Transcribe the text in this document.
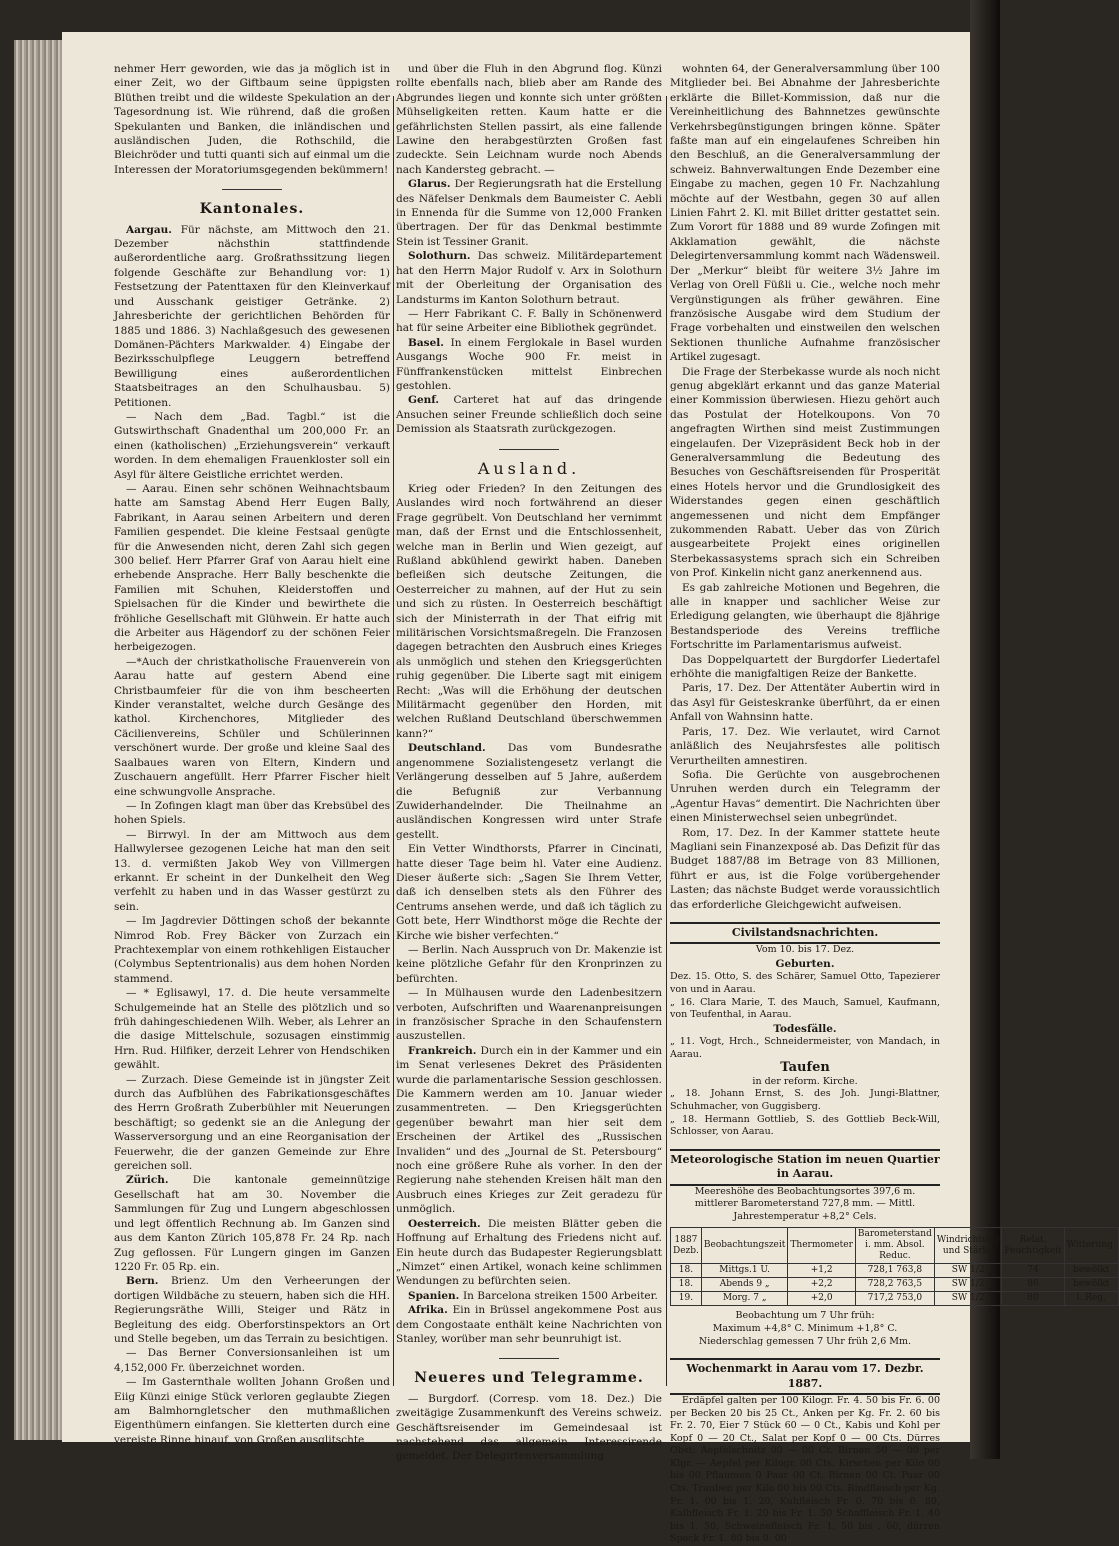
nehmer Herr geworden, wie das ja möglich ist in einer Zeit, wo der Giftbaum seine üppigsten Blüthen treibt und die wildeste Spekulation an der Tagesordnung ist. Wie rührend, daß die großen Spekulanten und Banken, die inländischen und ausländischen Juden, die Rothschild, die Bleichröder und tutti quanti sich auf einmal um die Interessen der Moratoriumsgegenden bekümmern!

Kantonales.

Aargau. Für nächste, am Mittwoch den 21. Dezember nächsthin stattfindende außerordentliche aarg. Großrathssitzung liegen folgende Geschäfte zur Behandlung vor: 1) Festsetzung der Patenttaxen für den Kleinverkauf und Ausschank geistiger Getränke. 2) Jahresberichte der gerichtlichen Behörden für 1885 und 1886. 3) Nachlaßgesuch des gewesenen Domänen-Pächters Markwalder. 4) Eingabe der Bezirksschulpflege Leuggern betreffend Bewilligung eines außerordentlichen Staatsbeitrages an den Schulhausbau. 5) Petitionen.

— Nach dem „Bad. Tagbl.“ ist die Gutswirthschaft Gnadenthal um 200,000 Fr. an einen (katholischen) „Erziehungsverein“ verkauft worden. In dem ehemaligen Frauenkloster soll ein Asyl für ältere Geistliche errichtet werden.

— Aarau. Einen sehr schönen Weihnachtsbaum hatte am Samstag Abend Herr Eugen Bally, Fabrikant, in Aarau seinen Arbeitern und deren Familien gespendet. Die kleine Festsaal genügte für die Anwesenden nicht, deren Zahl sich gegen 300 belief. Herr Pfarrer Graf von Aarau hielt eine erhebende Ansprache. Herr Bally beschenkte die Familien mit Schuhen, Kleiderstoffen und Spielsachen für die Kinder und bewirthete die fröhliche Gesellschaft mit Glühwein. Er hatte auch die Arbeiter aus Hägendorf zu der schönen Feier herbeigezogen.

—*Auch der christkatholische Frauenverein von Aarau hatte auf gestern Abend eine Christbaumfeier für die von ihm bescheerten Kinder veranstaltet, welche durch Gesänge des kathol. Kirchenchores, Mitglieder des Cäcilienvereins, Schüler und Schülerinnen verschönert wurde. Der große und kleine Saal des Saalbaues waren von Eltern, Kindern und Zuschauern angefüllt. Herr Pfarrer Fischer hielt eine schwungvolle Ansprache.

— In Zofingen klagt man über das Krebsübel des hohen Spiels.

— Birrwyl. In der am Mittwoch aus dem Hallwylersee gezogenen Leiche hat man den seit 13. d. vermißten Jakob Wey von Villmergen erkannt. Er scheint in der Dunkelheit den Weg verfehlt zu haben und in das Wasser gestürzt zu sein.

— Im Jagdrevier Döttingen schoß der bekannte Nimrod Rob. Frey Bäcker von Zurzach ein Prachtexemplar von einem rothkehligen Eistaucher (Colymbus Septentrionalis) aus dem hohen Norden stammend.

— * Eglisawyl, 17. d. Die heute versammelte Schulgemeinde hat an Stelle des plötzlich und so früh dahingeschiedenen Wilh. Weber, als Lehrer an die dasige Mittelschule, sozusagen einstimmig Hrn. Rud. Hilfiker, derzeit Lehrer von Hendschiken gewählt.

— Zurzach. Diese Gemeinde ist in jüngster Zeit durch das Aufblühen des Fabrikationsgeschäftes des Herrn Großrath Zuberbühler mit Neuerungen beschäftigt; so gedenkt sie an die Anlegung der Wasserversorgung und an eine Reorganisation der Feuerwehr, die der ganzen Gemeinde zur Ehre gereichen soll.

Zürich. Die kantonale gemeinnützige Gesellschaft hat am 30. November die Sammlungen für Zug und Lungern abgeschlossen und legt öffentlich Rechnung ab. Im Ganzen sind aus dem Kanton Zürich 105,878 Fr. 24 Rp. nach Zug geflossen. Für Lungern gingen im Ganzen 1220 Fr. 05 Rp. ein.

Bern. Brienz. Um den Verheerungen der dortigen Wildbäche zu steuern, haben sich die HH. Regierungsräthe Willi, Steiger und Rätz in Begleitung des eidg. Oberforstinspektors an Ort und Stelle begeben, um das Terrain zu besichtigen.

— Das Berner Conversionsanleihen ist um 4,152,000 Fr. überzeichnet worden.

— Im Gasternthale wollten Johann Großen und Eiig Künzi einige Stück verloren geglaubte Ziegen am Balmhorngletscher den muthmaßlichen Eigenthümern einfangen. Sie kletterten durch eine vereiste Rinne hinauf, von Großen ausglitschte

und über die Fluh in den Abgrund flog. Künzi rollte ebenfalls nach, blieb aber am Rande des Abgrundes liegen und konnte sich unter größten Mühseligkeiten retten. Kaum hatte er die gefährlichsten Stellen passirt, als eine fallende Lawine den herabgestürzten Großen fast zudeckte. Sein Leichnam wurde noch Abends nach Kandersteg gebracht. —

Glarus. Der Regierungsrath hat die Erstellung des Näfelser Denkmals dem Baumeister C. Aebli in Ennenda für die Summe von 12,000 Franken übertragen. Der für das Denkmal bestimmte Stein ist Tessiner Granit.

Solothurn. Das schweiz. Militärdepartement hat den Herrn Major Rudolf v. Arx in Solothurn mit der Oberleitung der Organisation des Landsturms im Kanton Solothurn betraut.

— Herr Fabrikant C. F. Bally in Schönenwerd hat für seine Arbeiter eine Bibliothek gegründet.

Basel. In einem Ferglokale in Basel wurden Ausgangs Woche 900 Fr. meist in Fünffrankenstücken mittelst Einbrechen gestohlen.

Genf. Carteret hat auf das dringende Ansuchen seiner Freunde schließlich doch seine Demission als Staatsrath zurückgezogen.

Ausland.

Krieg oder Frieden? In den Zeitungen des Auslandes wird noch fortwährend an dieser Frage gegrübelt. Von Deutschland her vernimmt man, daß der Ernst und die Entschlossenheit, welche man in Berlin und Wien gezeigt, auf Rußland abkühlend gewirkt haben. Daneben befleißen sich deutsche Zeitungen, die Oesterreicher zu mahnen, auf der Hut zu sein und sich zu rüsten. In Oesterreich beschäftigt sich der Ministerrath in der That eifrig mit militärischen Vorsichtsmaßregeln. Die Franzosen dagegen betrachten den Ausbruch eines Krieges als unmöglich und stehen den Kriegsgerüchten ruhig gegenüber. Die Liberte sagt mit einigem Recht: „Was will die Erhöhung der deutschen Militärmacht gegenüber den Horden, mit welchen Rußland Deutschland überschwemmen kann?“

Deutschland. Das vom Bundesrathe angenommene Sozialistengesetz verlangt die Verlängerung desselben auf 5 Jahre, außerdem die Befugniß zur Verbannung Zuwiderhandelnder. Die Theilnahme an ausländischen Kongressen wird unter Strafe gestellt.

Ein Vetter Windthorsts, Pfarrer in Cincinati, hatte dieser Tage beim hl. Vater eine Audienz. Dieser äußerte sich: „Sagen Sie Ihrem Vetter, daß ich denselben stets als den Führer des Centrums ansehen werde, und daß ich täglich zu Gott bete, Herr Windthorst möge die Rechte der Kirche wie bisher verfechten.“

— Berlin. Nach Ausspruch von Dr. Makenzie ist keine plötzliche Gefahr für den Kronprinzen zu befürchten.

— In Mülhausen wurde den Ladenbesitzern verboten, Aufschriften und Waarenanpreisungen in französischer Sprache in den Schaufenstern auszustellen.

Frankreich. Durch ein in der Kammer und ein im Senat verlesenes Dekret des Präsidenten wurde die parlamentarische Session geschlossen. Die Kammern werden am 10. Januar wieder zusammentreten. — Den Kriegsgerüchten gegenüber bewahrt man hier seit dem Erscheinen der Artikel des „Russischen Invaliden“ und des „Journal de St. Petersbourg“ noch eine größere Ruhe als vorher. In den der Regierung nahe stehenden Kreisen hält man den Ausbruch eines Krieges zur Zeit geradezu für unmöglich.

Oesterreich. Die meisten Blätter geben die Hoffnung auf Erhaltung des Friedens nicht auf. Ein heute durch das Budapester Regierungsblatt „Nimzet“ einen Artikel, wonach keine schlimmen Wendungen zu befürchten seien.

Spanien. In Barcelona streiken 1500 Arbeiter.

Afrika. Ein in Brüssel angekommene Post aus dem Congostaate enthält keine Nachrichten von Stanley, worüber man sehr beunruhigt ist.

Neueres und Telegramme.

— Burgdorf. (Corresp. vom 18. Dez.) Die zweitägige Zusammenkunft des Vereins schweiz. Geschäftsreisender im Gemeindesaal ist nachstehend das allgemein Interessirende gemeldet. Der Delegirtenversammlung

wohnten 64, der Generalversammlung über 100 Mitglieder bei. Bei Abnahme der Jahresberichte erklärte die Billet-Kommission, daß nur die Vereinheitlichung des Bahnnetzes gewünschte Verkehrsbegünstigungen bringen könne. Später faßte man auf ein eingelaufenes Schreiben hin den Beschluß, an die Generalversammlung der schweiz. Bahnverwaltungen Ende Dezember eine Eingabe zu machen, gegen 10 Fr. Nachzahlung möchte auf der Westbahn, gegen 30 auf allen Linien Fahrt 2. Kl. mit Billet dritter gestattet sein. Zum Vorort für 1888 und 89 wurde Zofingen mit Akklamation gewählt, die nächste Delegirtenversammlung kommt nach Wädensweil. Der „Merkur“ bleibt für weitere 3½ Jahre im Verlag von Orell Füßli u. Cie., welche noch mehr Vergünstigungen als früher gewähren. Eine französische Ausgabe wird dem Studium der Frage vorbehalten und einstweilen den welschen Sektionen thunliche Aufnahme französischer Artikel zugesagt.

Die Frage der Sterbekasse wurde als noch nicht genug abgeklärt erkannt und das ganze Material einer Kommission überwiesen. Hiezu gehört auch das Postulat der Hotelkoupons. Von 70 angefragten Wirthen sind meist Zustimmungen eingelaufen. Der Vizepräsident Beck hob in der Generalversammlung die Bedeutung des Besuches von Geschäftsreisenden für Prosperität eines Hotels hervor und die Grundlosigkeit des Widerstandes gegen einen geschäftlich angemessenen und nicht dem Empfänger zukommenden Rabatt. Ueber das von Zürich ausgearbeitete Projekt eines originellen Sterbekassasystems sprach sich ein Schreiben von Prof. Kinkelin nicht ganz anerkennend aus.

Es gab zahlreiche Motionen und Begehren, die alle in knapper und sachlicher Weise zur Erledigung gelangten, wie überhaupt die 8jährige Bestandsperiode des Vereins treffliche Fortschritte im Parlamentarismus aufweist.

Das Doppelquartett der Burgdorfer Liedertafel erhöhte die manigfaltigen Reize der Bankette.

Paris, 17. Dez. Der Attentäter Aubertin wird in das Asyl für Geisteskranke überführt, da er einen Anfall von Wahnsinn hatte.

Paris, 17. Dez. Wie verlautet, wird Carnot anläßlich des Neujahrsfestes alle politisch Verurtheilten amnestiren.

Sofia. Die Gerüchte von ausgebrochenen Unruhen werden durch ein Telegramm der „Agentur Havas“ dementirt. Die Nachrichten über einen Ministerwechsel seien unbegründet.

Rom, 17. Dez. In der Kammer stattete heute Magliani sein Finanzexposé ab. Das Defizit für das Budget 1887/88 im Betrage von 83 Millionen, führt er aus, ist die Folge vorübergehender Lasten; das nächste Budget werde voraussichtlich das erforderliche Gleichgewicht aufweisen.

Civilstandsnachrichten.
Vom 10. bis 17. Dez.
Geburten.
Dez. 15. Otto, S. des Schärer, Samuel Otto, Tapezierer von und in Aarau.
„ 16. Clara Marie, T. des Mauch, Samuel, Kaufmann, von Teufenthal, in Aarau.
Todesfälle.
„ 11. Vogt, Hrch., Schneidermeister, von Mandach, in Aarau.
Taufen
in der reform. Kirche.
„ 18. Johann Ernst, S. des Joh. Jungi-Blattner, Schuhmacher, von Guggisberg.
„ 18. Hermann Gottlieb, S. des Gottlieb Beck-Will, Schlosser, von Aarau.
Meteorologische Station im neuen Quartier in Aarau.
Meereshöhe des Beobachtungsortes 397,6 m.
mittlerer Barometerstand 727,8 mm. — Mittl. Jahrestemperatur +8,2° Cels.
1887 Dezb.	Beobachtungszeit	Thermometer	Barometerstand i. mm. Absol. Reduc.	Windrichtung und Stärke	Relat. Feuchtigkeit	Witterung.
18.	Mittgs.1 U.	+1,2	728,1 763,8	SW 1/2	74	bewölkt
18.	Abends 9 „	+2,2	728,2 763,5	SW 1/2	86	bewölkt
19.	Morg. 7 „	+2,0	717,2 753,0	SW 1/2	80	l. Reg.
Beobachtung um 7 Uhr früh:
Maximum +4,8° C. Minimum +1,8° C.
Niederschlag gemessen 7 Uhr früh 2,6 Mm.
Wochenmarkt in Aarau vom 17. Dezbr. 1887.

Erdäpfel galten per 100 Kilogr. Fr. 4. 50 bis Fr. 6. 00 per Becken 20 bis 25 Ct., Anken per Kg. Fr. 2. 60 bis Fr. 2. 70, Eier 7 Stück 60 — 0 Ct., Kabis und Kohl per Kopf 0 — 20 Ct., Salat per Kopf 0 — 00 Cts. Dürres Obst: Aepfelschnitz 00 — 00 Ct. Birnen 50 — 00 per Klgr. — Aepfel per Kilogr. 00 Cts. Kirschen per Kilo 00 bis 00 Pflaumen 0 Paar 00 Ct. Birnen 00 Ct. Paar 00 Cts. Trauben per Kilo 00 bis 00 Cts. Rindfleisch per Kg. Fr. 1. 00 bis 1. 20, Kuhfleisch Fr. 0. 70 bis 0. 80, Kalbfleisch Fr. 1. 20 bis Fr. 1. 50 Schaffleisch Fr. 1. 40 bis 1. 50, Schweinefleisch Fr. 1. 50 bis . 60, dürren Speck Fr. 1. 80 bis 0. 00
